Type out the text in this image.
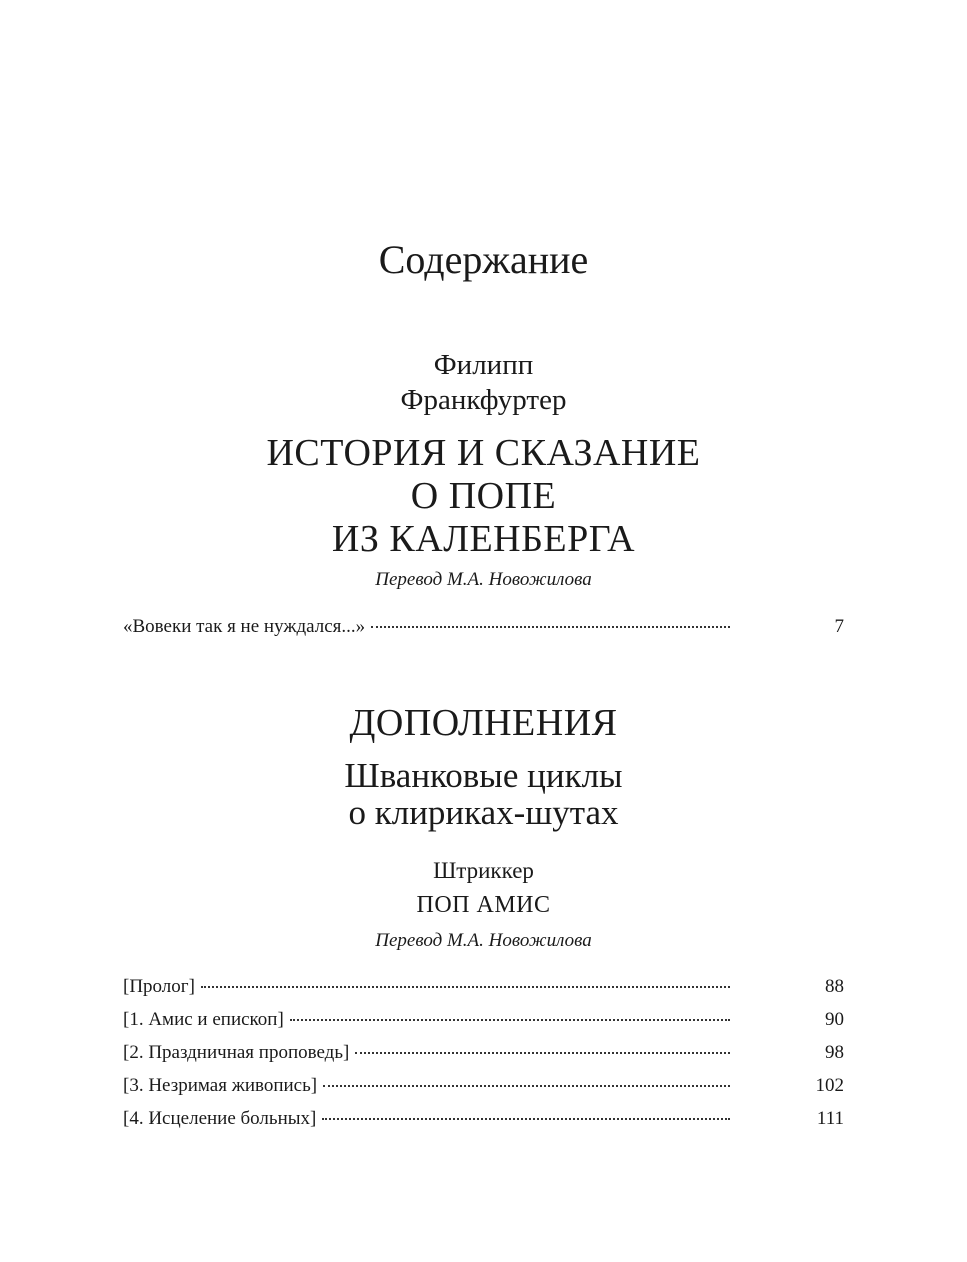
Содержание
Филипп
Франкфуртер
ИСТОРИЯ И СКАЗАНИЕ
О ПОПЕ
ИЗ КАЛЕНБЕРГА
Перевод М.А. Новожилова
«Вовеки так я не нуждался...»	7
ДОПОЛНЕНИЯ
Шванковые циклы
о клириках-шутах
Штриккер
ПОП АМИС
Перевод М.А. Новожилова
[Пролог]	88
[1. Амис и епископ]	90
[2. Праздничная проповедь]	98
[3. Незримая живопись]	102
[4. Исцеление больных]	111
